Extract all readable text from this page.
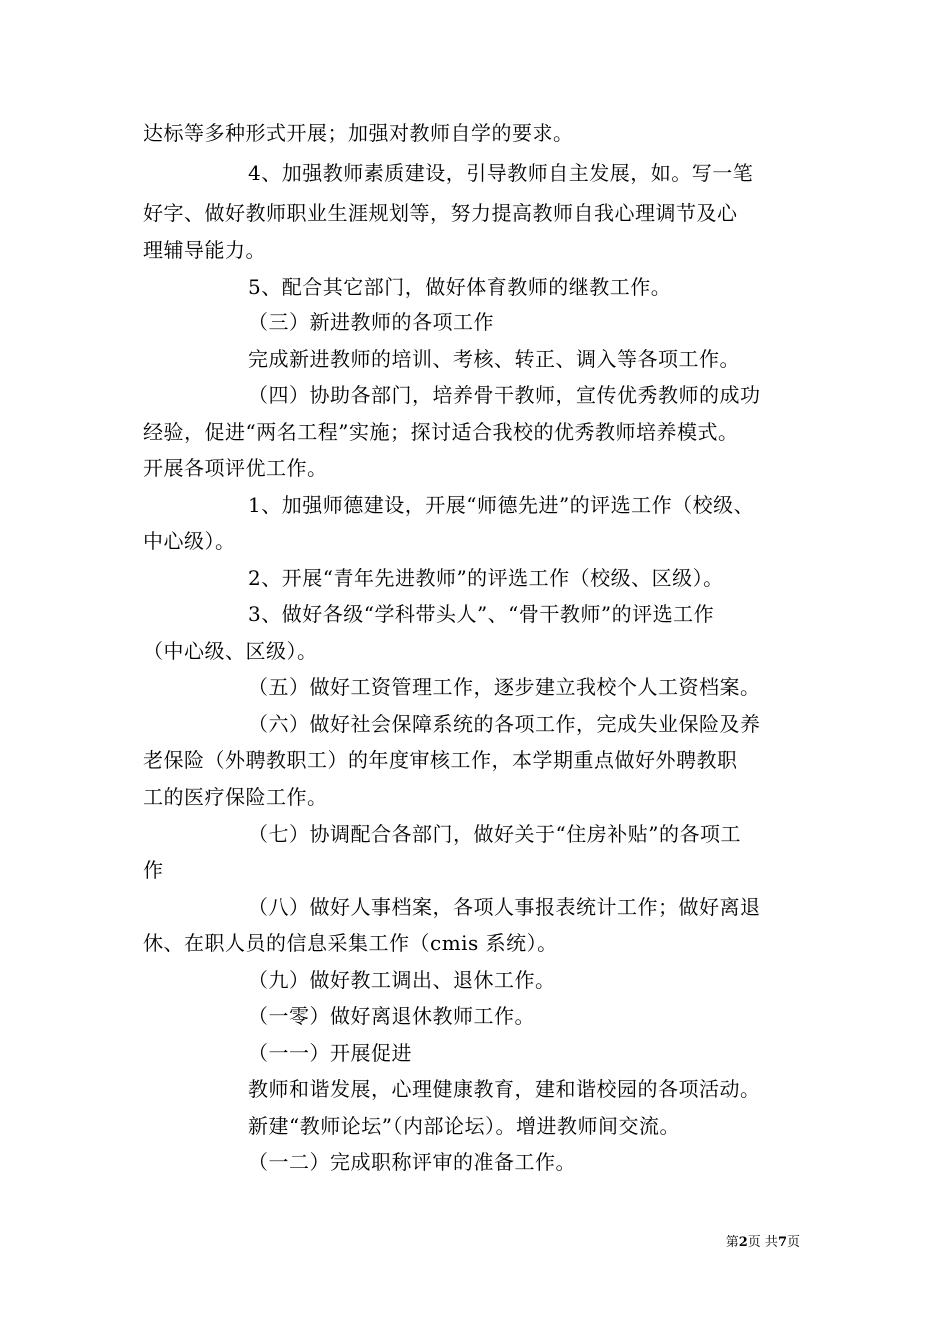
达标等多种形式开展；加强对教师自学的要求。
4、加强教师素质建设，引导教师自主发展，如。写一笔
好字、做好教师职业生涯规划等，努力提高教师自我心理调节及心
理辅导能力。
5、配合其它部门，做好体育教师的继教工作。
（三）新进教师的各项工作
完成新进教师的培训、考核、转正、调入等各项工作。
（四）协助各部门，培养骨干教师，宣传优秀教师的成功
经验，促进“两名工程”实施；探讨适合我校的优秀教师培养模式。
开展各项评优工作。
1、加强师德建设，开展“师德先进”的评选工作（校级、
中心级）。
2、开展“青年先进教师”的评选工作（校级、区级）。
3、做好各级“学科带头人”、“骨干教师”的评选工作
（中心级、区级）。
（五）做好工资管理工作，逐步建立我校个人工资档案。
（六）做好社会保障系统的各项工作，完成失业保险及养
老保险（外聘教职工）的年度审核工作，本学期重点做好外聘教职
工的医疗保险工作。
（七）协调配合各部门，做好关于“住房补贴”的各项工
作
（八）做好人事档案，各项人事报表统计工作；做好离退
休、在职人员的信息采集工作（cmis 系统）。
（九）做好教工调出、退休工作。
（一零）做好离退休教师工作。
（一一）开展促进
教师和谐发展，心理健康教育，建和谐校园的各项活动。
新建“教师论坛”（内部论坛）。增进教师间交流。
（一二）完成职称评审的准备工作。
第2页 共7页
